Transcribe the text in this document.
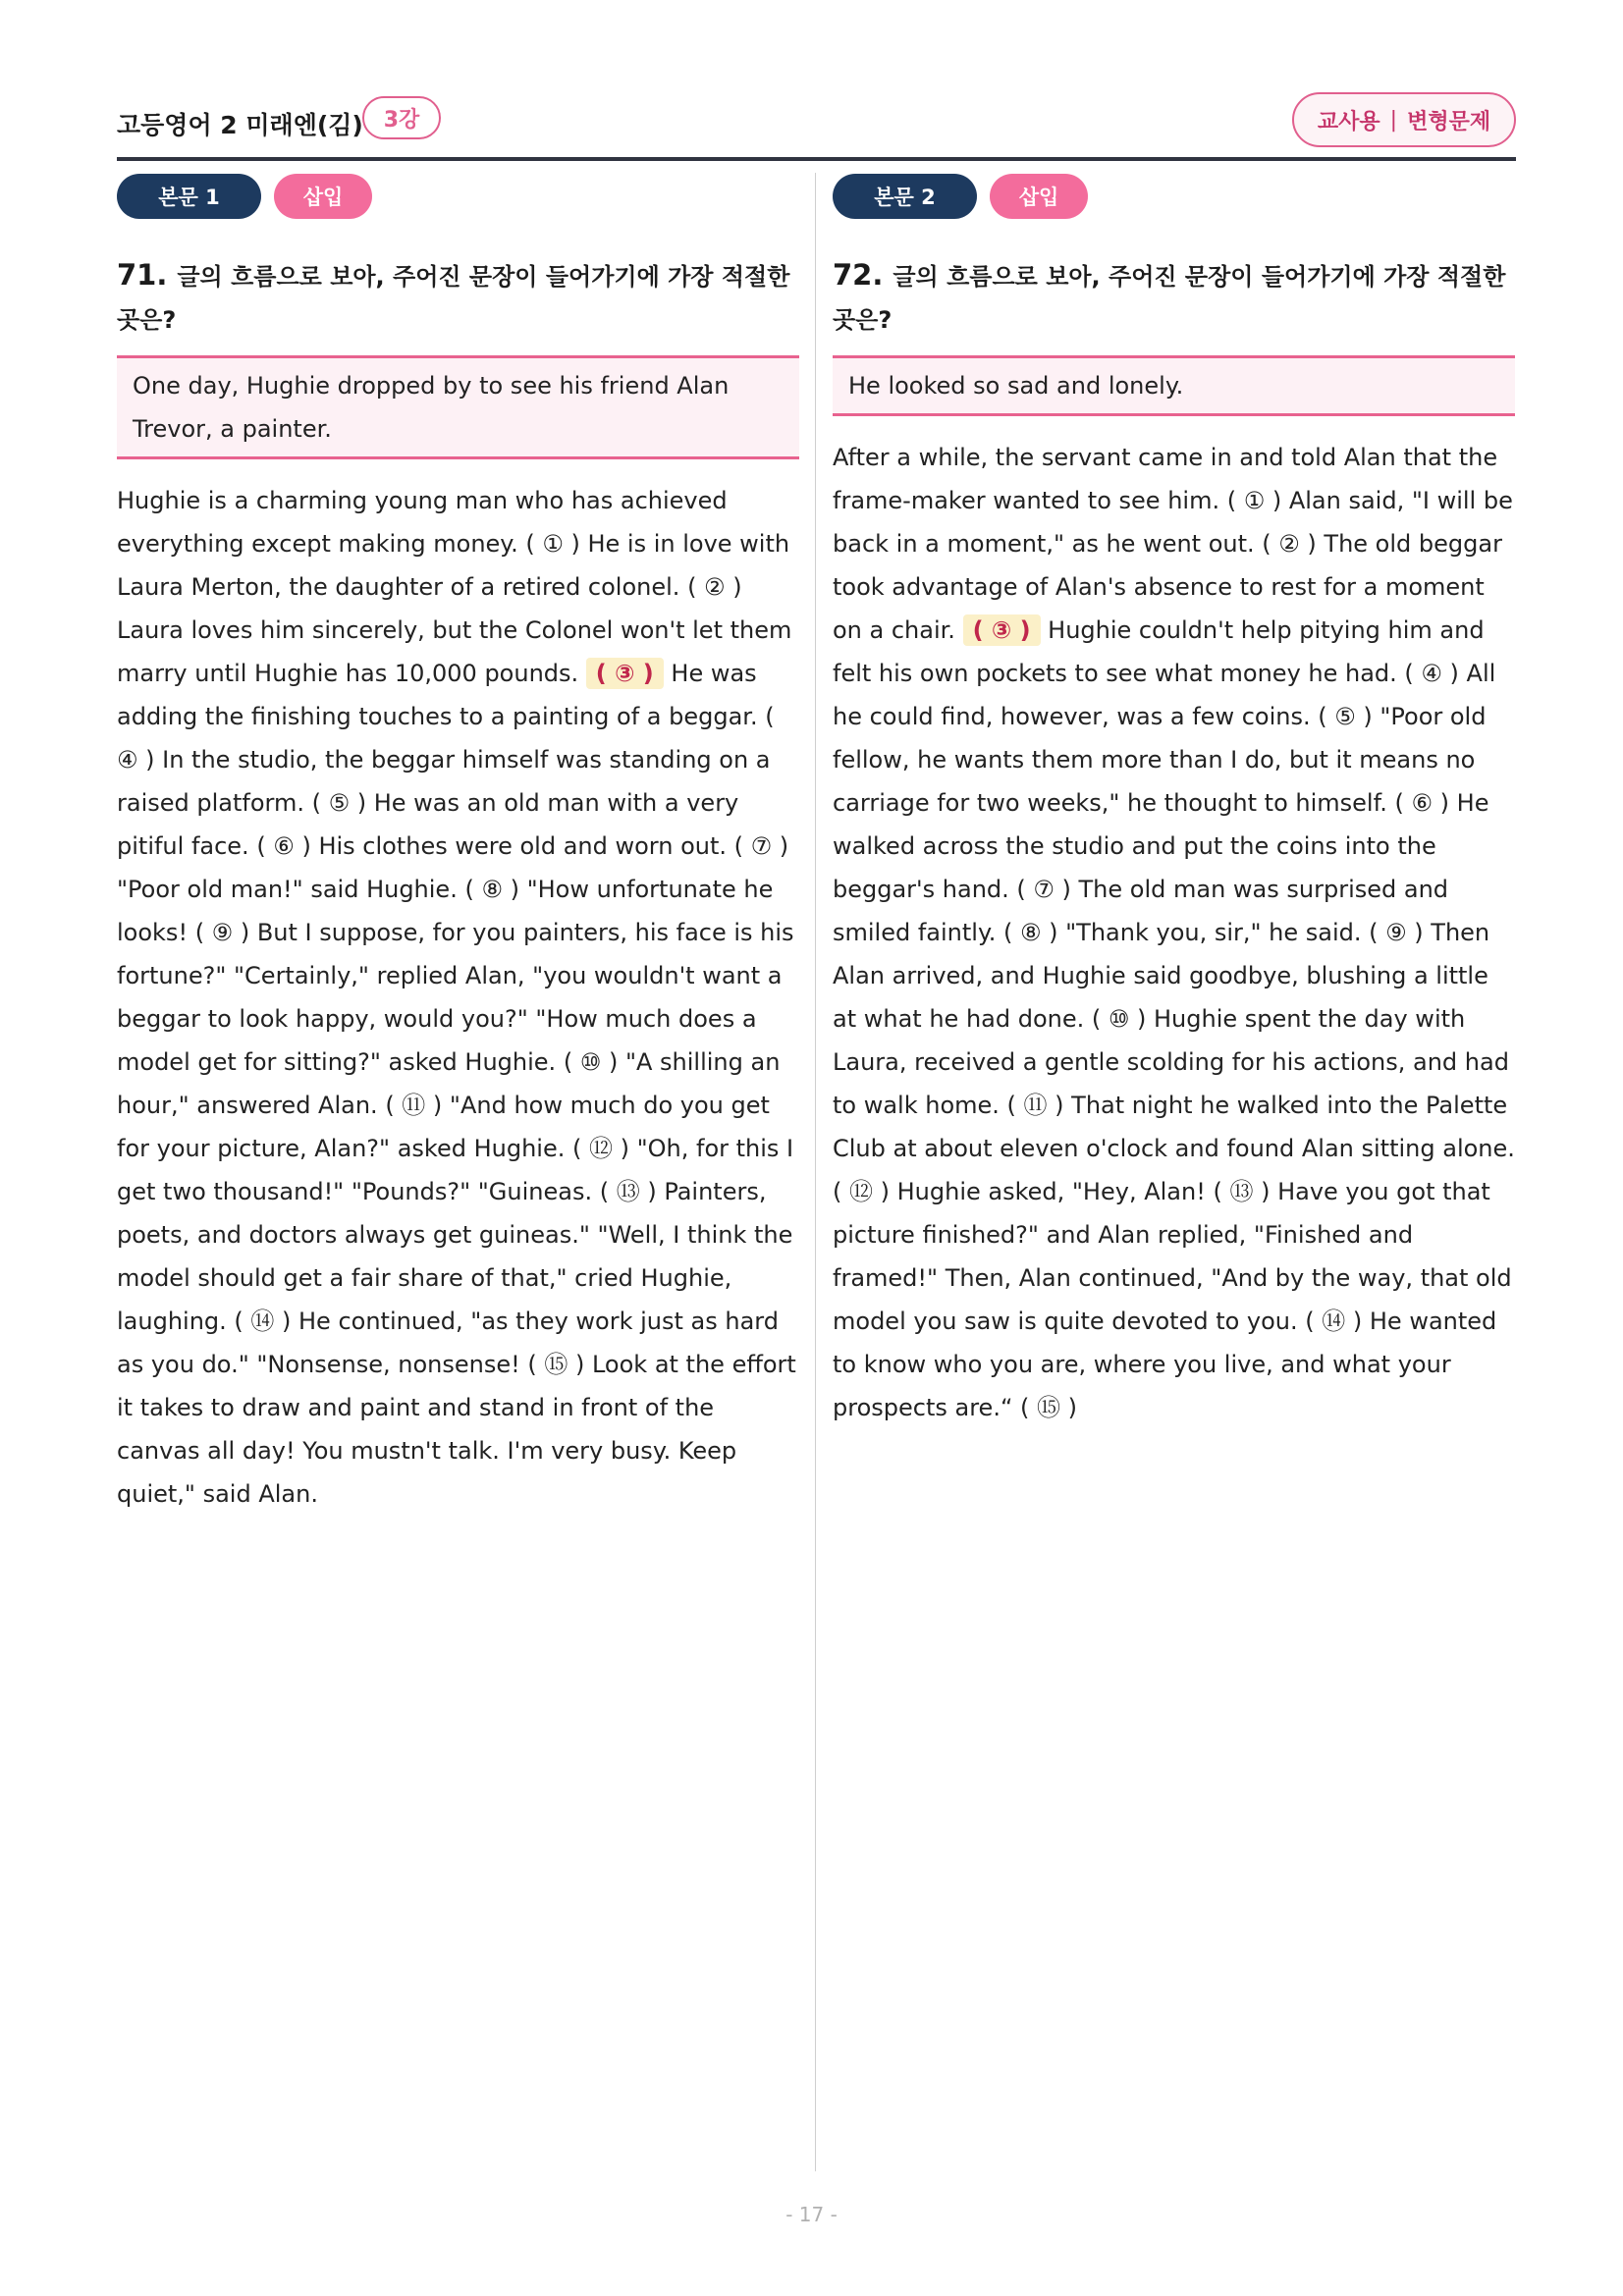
고등영어 2 미래엔(김) 3강	교사용 | 변형문제
본문 1	삽입
71. 글의 흐름으로 보아, 주어진 문장이 들어가기에 가장 적절한 곳은?
One day, Hughie dropped by to see his friend Alan Trevor, a painter.
Hughie is a charming young man who has achieved everything except making money. ( ① ) He is in love with Laura Merton, the daughter of a retired colonel. ( ② ) Laura loves him sincerely, but the Colonel won't let them marry until Hughie has 10,000 pounds. ( ③ ) He was adding the finishing touches to a painting of a beggar. ( ④ ) In the studio, the beggar himself was standing on a raised platform. ( ⑤ ) He was an old man with a very pitiful face. ( ⑥ ) His clothes were old and worn out. ( ⑦ ) "Poor old man!" said Hughie. ( ⑧ ) "How unfortunate he looks! ( ⑨ ) But I suppose, for you painters, his face is his fortune?" "Certainly," replied Alan, "you wouldn't want a beggar to look happy, would you?" "How much does a model get for sitting?" asked Hughie. ( ⑩ ) "A shilling an hour," answered Alan. ( ⑪ ) "And how much do you get for your picture, Alan?" asked Hughie. ( ⑫ ) "Oh, for this I get two thousand!" "Pounds?" "Guineas. ( ⑬ ) Painters, poets, and doctors always get guineas." "Well, I think the model should get a fair share of that," cried Hughie, laughing. ( ⑭ ) He continued, "as they work just as hard as you do." "Nonsense, nonsense! ( ⑮ ) Look at the effort it takes to draw and paint and stand in front of the canvas all day! You mustn't talk. I'm very busy. Keep quiet," said Alan.
본문 2	삽입
72. 글의 흐름으로 보아, 주어진 문장이 들어가기에 가장 적절한 곳은?
He looked so sad and lonely.
After a while, the servant came in and told Alan that the frame-maker wanted to see him. ( ① ) Alan said, "I will be back in a moment," as he went out. ( ② ) The old beggar took advantage of Alan's absence to rest for a moment on a chair. ( ③ ) Hughie couldn't help pitying him and felt his own pockets to see what money he had. ( ④ ) All he could find, however, was a few coins. ( ⑤ ) "Poor old fellow, he wants them more than I do, but it means no carriage for two weeks," he thought to himself. ( ⑥ ) He walked across the studio and put the coins into the beggar's hand. ( ⑦ ) The old man was surprised and smiled faintly. ( ⑧ ) "Thank you, sir," he said. ( ⑨ ) Then Alan arrived, and Hughie said goodbye, blushing a little at what he had done. ( ⑩ ) Hughie spent the day with Laura, received a gentle scolding for his actions, and had to walk home. ( ⑪ ) That night he walked into the Palette Club at about eleven o'clock and found Alan sitting alone. ( ⑫ ) Hughie asked, "Hey, Alan! ( ⑬ ) Have you got that picture finished?" and Alan replied, "Finished and framed!" Then, Alan continued, "And by the way, that old model you saw is quite devoted to you. ( ⑭ ) He wanted to know who you are, where you live, and what your prospects are.“ ( ⑮ )
- 17 -
